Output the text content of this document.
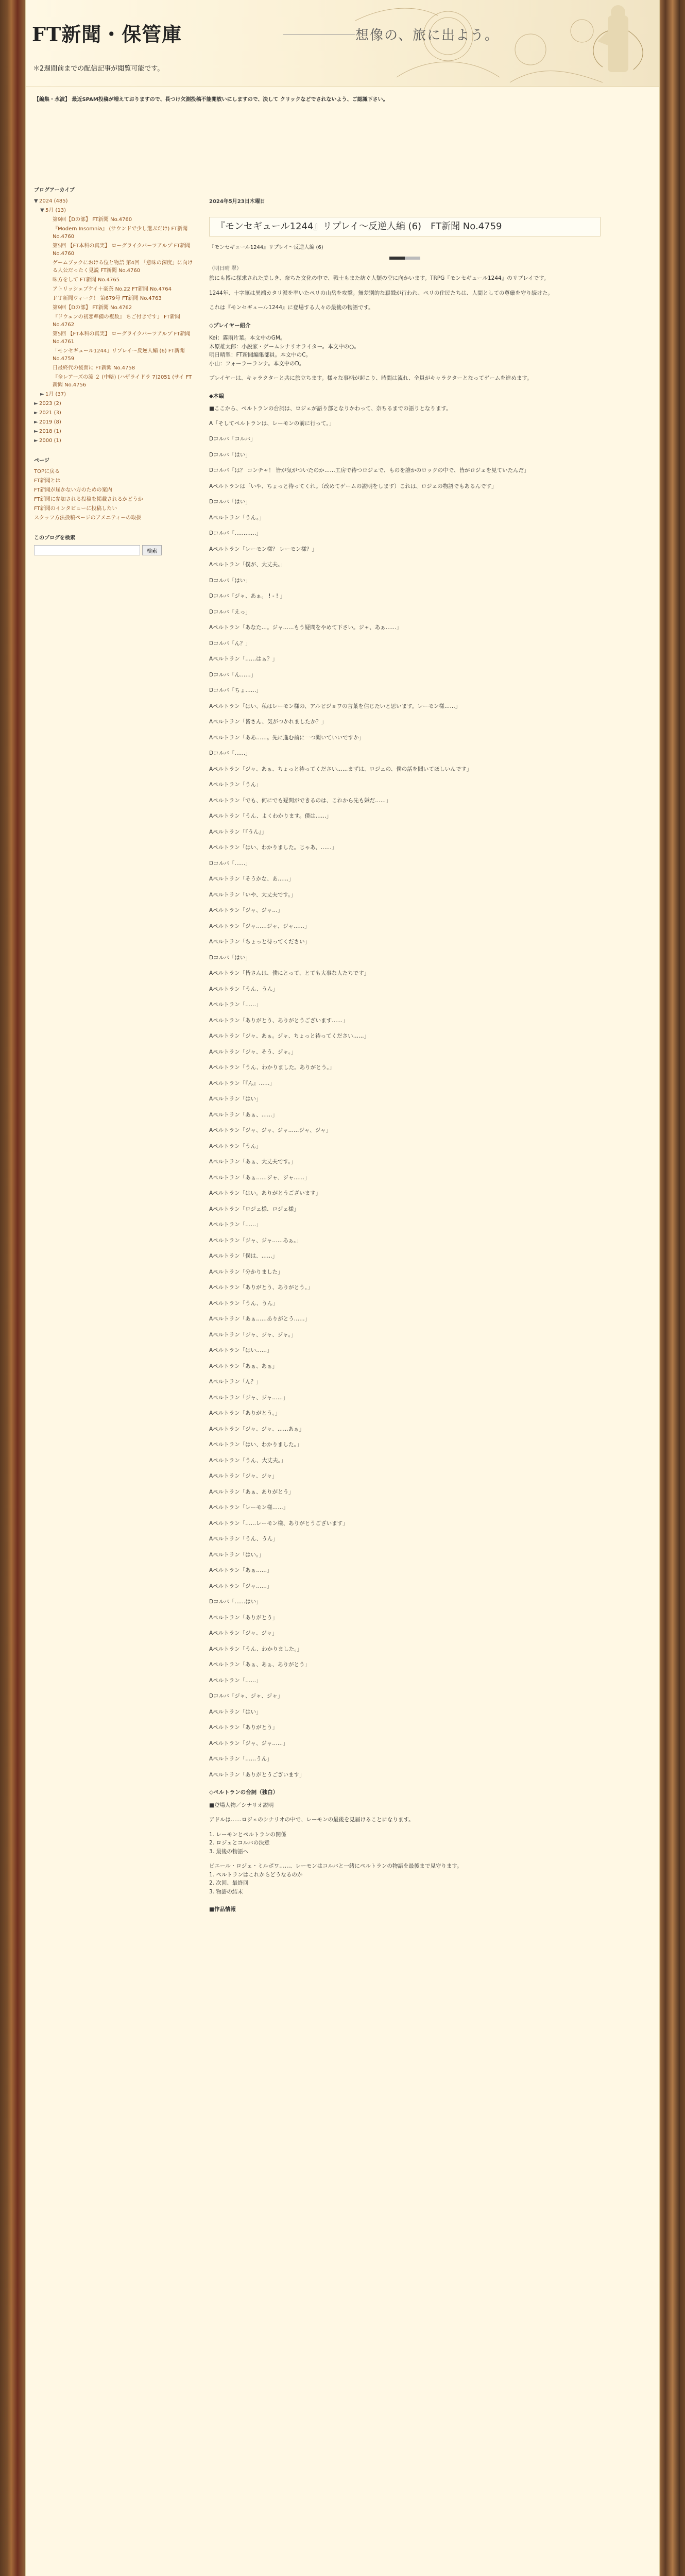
FT新聞・保管庫	想像の、旅に出よう。
＊2週間前までの配信記事が閲覧可能です。
【編集・水波】 最近SPAM投稿が増えておりますので、長つけ欠測投稿不能開放いにしますので、決して クリックなどでされないよう、ご認識下さい。
ブログアーカイブ
▼ 2024 (485)
▼ 5月 (13)
第9回【Dの部】 FT新聞 No.4760
『Modern Insomnia』 (サウンドで少し選ぶだけ) FT新聞 No.4760
第5回 【FT本科の真実】 ローグライクバーツアルプ FT新聞 No.4760
ゲームブックにおける位と物語 第4回 「意味の深度」に向け る人公だったく見説 FT新聞 No.4760
味方をして FT新聞 No.4765
アトリッシェプケイ＋豪奈 No.22 FT新聞 No.4764
ＦＴ新聞ウィーク！ 第679号 FT新聞 No.4763
第9回【Dの部】 FT新聞 No.4762
『ドウェンの初恋準備の複数』 ちご付きです」 FT新聞 No.4762
第5回 【FT本科の真実】 ローグライクバーツアルプ FT新聞 No.4761
「モンセギュール1244」リプレイ～反逆人編 (6) FT新聞 No.4759
日最終代の後面に FT新聞 No.4758
『全レアーズの流 ２ (中略) (ハザライドラ 7)2051 (サイ FT新聞 No.4756
► 1月 (37)
► 2023 (2)
► 2021 (3)
► 2019 (8)
► 2018 (1)
► 2000 (1)
ページ
TOPに戻る
FT新聞とは
FT新聞が届かない方のための案内
FT新聞に参加される投稿を掲載されるかどうか
FT新聞のインタビューに投稿したい
スクッフ方法投稿ページのアメニティーの取扱
このブログを検索
検索
2024年5月23日木曜日
『モンセギュール1244』リプレイ～反逆人編 (6)　FT新聞 No.4759
『モンセギュール1244』リプレイ～反逆人編 (6)
（明日晴 翠）

旅にも博に探求された美しき、奈ちた文化の中で、戦士もまた紡ぐ人類の空に向かいます。TRPG『モンセギュール1244』のリプレイです。

1244年、十字軍は異端カタリ派を率いたペリの山岳を攻撃。無差別的な殺戮が行われ、ペリの住民たちは、人間としての尊厳を守り続けた。

これは『モンセギュール1244』に登場する人々の最後の物語です。

◇プレイヤー紹介

Kei：霧雨片葉。本文中のGM。
木原雄太郎：小説家・ゲームシナリオライター。本文中の○。
明日晴翠：FT新聞編集部員。本文中のC。
小山：フォーラーランナ。本文中のD。

プレイヤーは、キャラクターと共に旅立ちます。様々な事柄が起こり、時間は流れ、全員がキャラクターとなってゲームを進めます。

◆本編

■ここから、ペルトランの台詞は、ロジェが語り部となりかわって、奈ちるまでの語りとなります。

A「そしてペルトランは、レーモンの前に行って。」

Dコルバ「コルバ」

Dコルバ「はい」

Dコルバ「は？ コンチャ！ 皆が気がついたのか……工房で待つロジェで、ものを誰かのロックの中で、皆がロジェを見ていたんだ」

Aペルトランは「いや、ちょっと待ってくれ。（改めてゲームの説明をします）これは、ロジェの物語でもあるんです」

Dコルバ「はい」

Aペルトラン「うん。」

Dコルバ「…………」

Aペルトラン「レーモン様？ レーモン様？」

Aペルトラン「僕が、大丈夫。」

Dコルバ「はい」

Dコルバ「ジャ、あぁ。 ! - ! 」

Dコルバ「えっ」

Aペルトラン「あなた…。ジャ……もう疑問をやめて下さい。ジャ、あぁ……」

Dコルバ「ん？」

Aペルトラン「……はぁ？」

Dコルバ「ん……」

Dコルバ「ちょ……」

Aペルトラン「はい、私はレーモン様の、アルビジョワの言葉を信じたいと思います。レーモン様……」

Aペルトラン「皆さん、気がつかれましたか？」

Aペルトラン「ああ……。先に進む前に一つ聞いていいですか」

Dコルバ「……」

Aペルトラン「ジャ、あぁ、ちょっと待ってください……まずは、ロジェの、僕の話を聞いてほしいんです」

Aペルトラン「うん」

Aペルトラン「でも、何にでも疑問ができるのは、これから先も嫌だ……」

Aペルトラン「うん、よくわかります。僕は……」

Aペルトラン「『うん』」

Aペルトラン「はい、わかりました。じゃあ、……」

Dコルバ「……」

Aペルトラン「そうかな、あ……」

Aペルトラン「いや、大丈夫です。」

Aペルトラン「ジャ、ジャ…」

Aペルトラン「ジャ……ジャ、ジャ……」

Aペルトラン「ちょっと待ってください」

Dコルバ「はい」

Aペルトラン「皆さんは、僕にとって、とても大事な人たちです」

Aペルトラン「うん、うん」

Aペルトラン「……」

Aペルトラン「ありがとう、ありがとうございます……」

Aペルトラン「ジャ、あぁ。ジャ、ちょっと待ってください……」

Aペルトラン「ジャ、そう、ジャ。」

Aペルトラン「うん、わかりました。ありがとう。」

Aペルトラン「『ん』……」

Aペルトラン「はい」

Aペルトラン「あぁ、……」

Aペルトラン「ジャ、ジャ、ジャ……ジャ、ジャ」

Aペルトラン「うん」

Aペルトラン「あぁ、大丈夫です。」

Aペルトラン「あぁ……ジャ、ジャ……」

Aペルトラン「はい。ありがとうございます」

Aペルトラン「ロジェ様、ロジェ様」

Aペルトラン「……」

Aペルトラン「ジャ、ジャ……あぁ。」

Aペルトラン「僕は、……」

Aペルトラン「分かりました」

Aペルトラン「ありがとう、ありがとう。」

Aペルトラン「うん、うん」

Aペルトラン「あぁ……ありがとう……」

Aペルトラン「ジャ、ジャ、ジャ。」

Aペルトラン「はい……」

Aペルトラン「あぁ、あぁ」

Aペルトラン「ん？」

Aペルトラン「ジャ、ジャ……」

Aペルトラン「ありがとう。」

Aペルトラン「ジャ、ジャ、……あぁ」

Aペルトラン「はい、わかりました。」

Aペルトラン「うん、大丈夫。」

Aペルトラン「ジャ、ジャ」

Aペルトラン「あぁ、ありがとう」

Aペルトラン「レーモン様……」

Aペルトラン「……レーモン様、ありがとうございます」

Aペルトラン「うん、うん」

Aペルトラン「はい。」

Aペルトラン「あぁ……」

Aペルトラン「ジャ……」

Dコルバ「……はい」

Aペルトラン「ありがとう」

Aペルトラン「ジャ、ジャ」

Aペルトラン「うん、わかりました。」

Aペルトラン「あぁ、あぁ、ありがとう」

Aペルトラン「……」

Dコルバ「ジャ、ジャ、ジャ」

Aペルトラン「はい」

Aペルトラン「ありがとう」

Aペルトラン「ジャ、ジャ……」

Aペルトラン「……うん」

Aペルトラン「ありがとうございます」

◇ペルトランの台詞（独白）

■登場人物／シナリオ説明

アドルは……ロジェのシナリオの中で、レーモンの最後を見届けることになります。

1. レーモンとペルトランの関係
2. ロジェとコルバの決意
3. 最後の物語へ

ピエール・ロジェ・ミルポワ……、レーモンはコルバと一緒にペルトランの物語を最後まで見守ります。
1. ペルトランはこれからどうなるのか
2. 次回、最終回
3. 物語の結末

■作品情報
